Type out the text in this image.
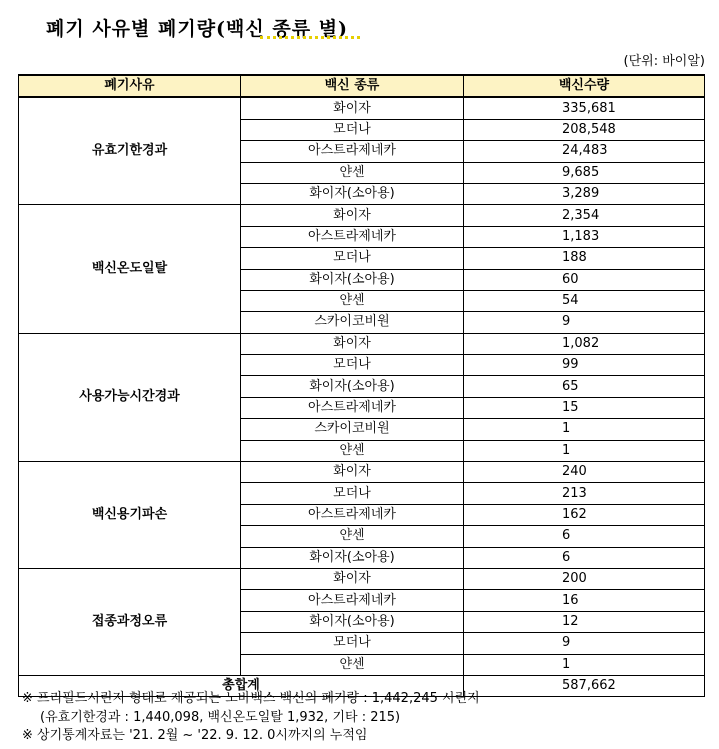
폐기 사유별 폐기량(백신 종류 별)
(단위: 바이알)
폐기사유	백신 종류	백신수량
유효기한경과	화이자	335,681
	모더나	208,548
	아스트라제네카	24,483
	얀센	9,685
	화이자(소아용)	3,289
백신온도일탈	화이자	2,354
	아스트라제네카	1,183
	모더나	188
	화이자(소아용)	60
	얀센	54
	스카이코비원	9
사용가능시간경과	화이자	1,082
	모더나	99
	화이자(소아용)	65
	아스트라제네카	15
	스카이코비원	1
	얀센	1
백신용기파손	화이자	240
	모더나	213
	아스트라제네카	162
	얀센	6
	화이자(소아용)	6
접종과정오류	화이자	200
	아스트라제네카	16
	화이자(소아용)	12
	모더나	9
	얀센	1
총합계		587,662
※ 프리필드시린지 형태로 제공되는 노바백스 백신의 폐기량 : 1,442,245 시린지
(유효기한경과 : 1,440,098, 백신온도일탈 1,932, 기타 : 215)
※ 상기통계자료는 '21. 2월 ~ '22. 9. 12. 0시까지의 누적임
